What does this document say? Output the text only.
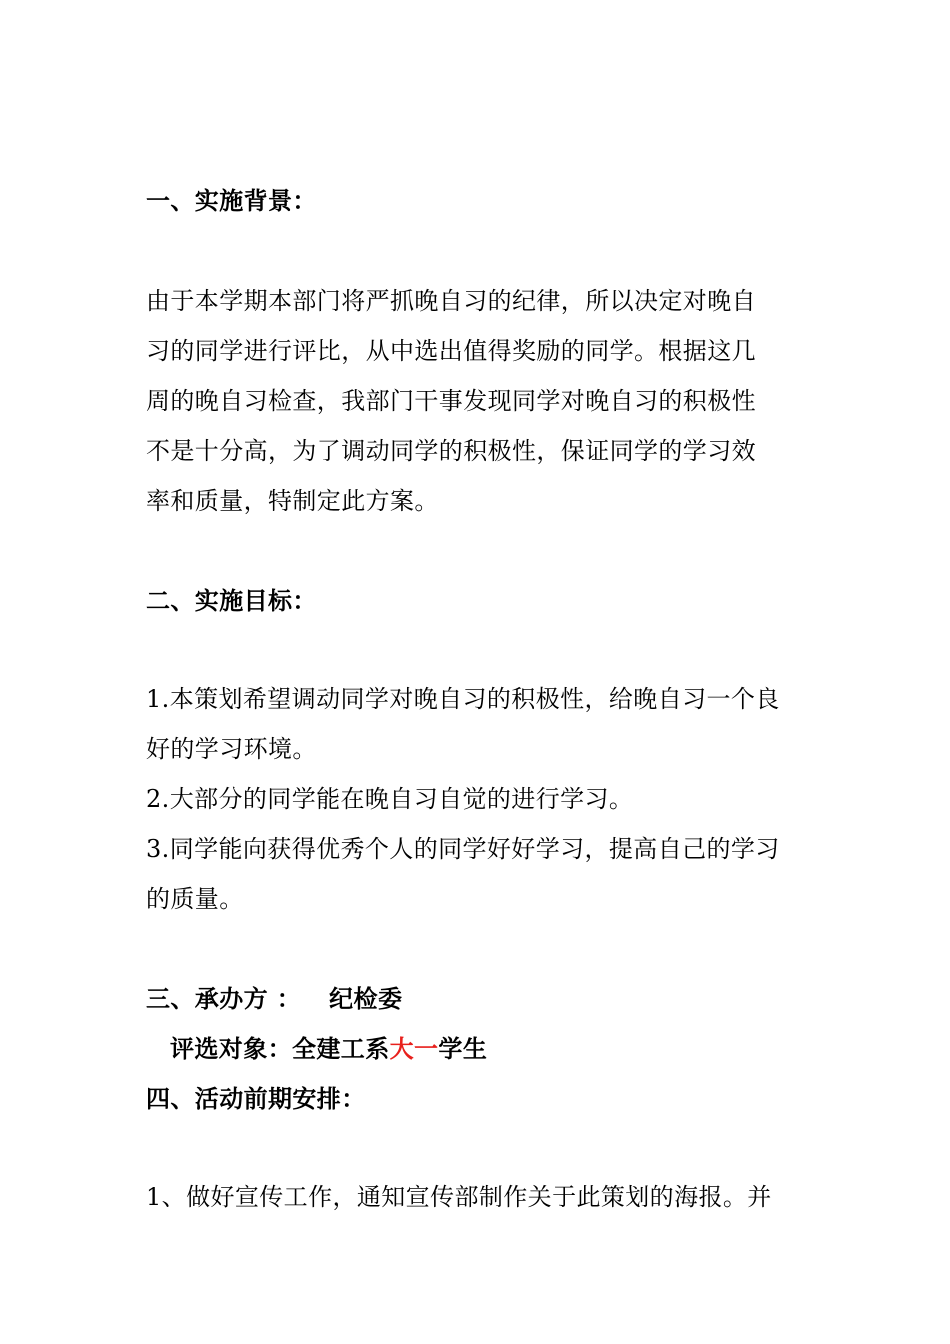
一、实施背景：
由于本学期本部门将严抓晚自习的纪律，所以决定对晚自
习的同学进行评比，从中选出值得奖励的同学。根据这几
周的晚自习检查，我部门干事发现同学对晚自习的积极性
不是十分高，为了调动同学的积极性，保证同学的学习效
率和质量，特制定此方案。
二、实施目标：
1.本策划希望调动同学对晚自习的积极性，给晚自习一个良
好的学习环境。
2.大部分的同学能在晚自习自觉的进行学习。
3.同学能向获得优秀个人的同学好好学习，提高自己的学习
的质量。
三、承办方 ： 纪检委
评选对象：全建工系大一学生
四、活动前期安排：
1、做好宣传工作，通知宣传部制作关于此策划的海报。并
